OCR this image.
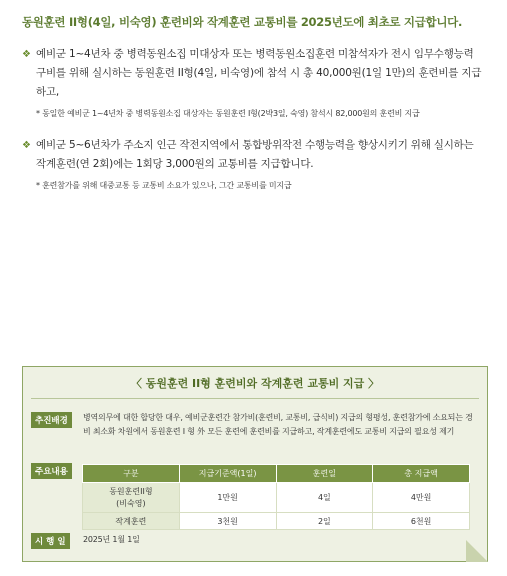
동원훈련 II형(4일, 비숙영) 훈련비와 작계훈련 교통비를 2025년도에 최초로 지급합니다.
❖ 예비군 1~4년차 중 병력동원소집 미대상자 또는 병력동원소집훈련 미참석자가 전시 임무수행능력 구비를 위해 실시하는 동원훈련 II형(4일, 비숙영)에 참석 시 총 40,000원(1일 1만)의 훈련비를 지급하고,
* 동일한 예비군 1~4년차 중 병력동원소집 대상자는 동원훈련 I형(2박3일, 숙영) 참석시 82,000원의 훈련비 지급
❖ 예비군 5~6년차가 주소지 인근 작전지역에서 통합방위작전 수행능력을 향상시키기 위해 실시하는 작계훈련(연 2회)에는 1회당 3,000원의 교통비를 지급합니다.
* 훈련참가를 위해 대중교통 등 교통비 소요가 있으나, 그간 교통비를 미지급
〈 동원훈련 II형 훈련비와 작계훈련 교통비 지급 〉
추진배경	병역의무에 대한 합당한 대우, 예비군훈련간 참가비(훈련비, 교통비, 급식비) 지급의 형평성, 훈련참가에 소요되는 경비 최소화 차원에서 동원훈련 I 형 外 모든 훈련에 훈련비를 지급하고, 작계훈련에도 교통비 지급의 필요성 제기
주요내용
시 행 일	2025년 1월 1일
구분	지급기준액(1일)	훈련일	총 지급액
동원훈련II형
(비숙영)	1만원	4일	4만원
작계훈련	3천원	2일	6천원
